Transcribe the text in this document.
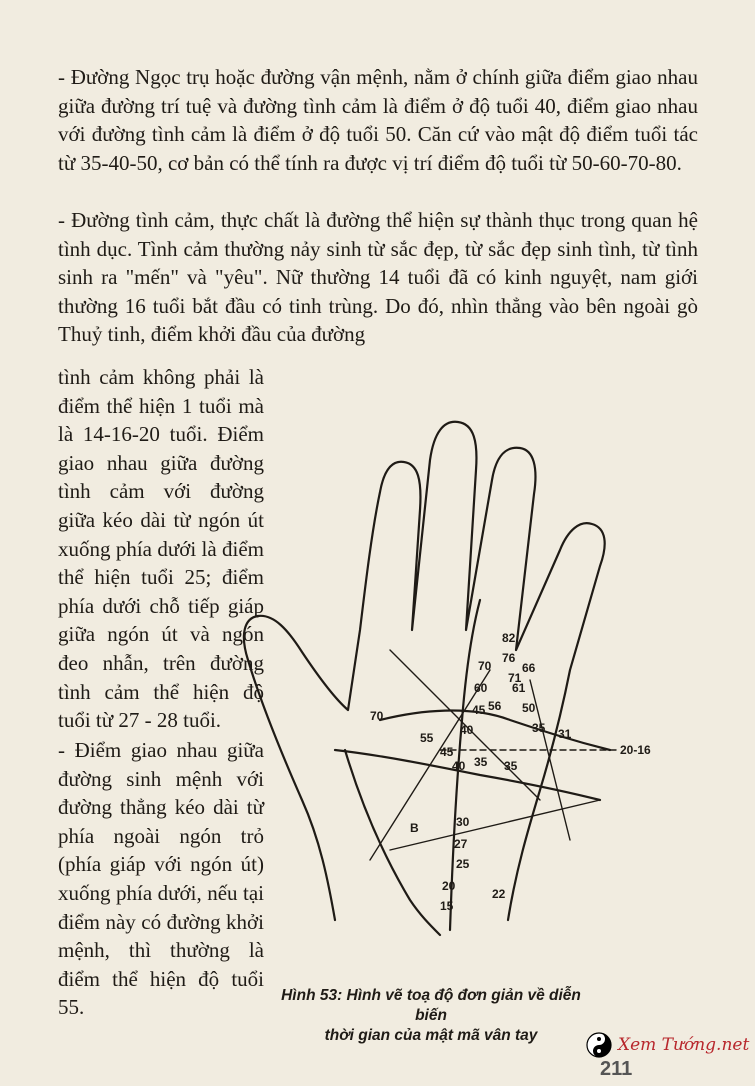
- Đường Ngọc trụ hoặc đường vận mệnh, nằm ở chính giữa điểm giao nhau giữa đường trí tuệ và đường tình cảm là điểm ở độ tuổi 40, điểm giao nhau với đường tình cảm là điểm ở độ tuổi 50. Căn cứ vào mật độ điểm tuổi tác từ 35-40-50, cơ bản có thể tính ra được vị trí điểm độ tuổi từ 50-60-70-80.
- Đường tình cảm, thực chất là đường thể hiện sự thành thục trong quan hệ tình dục. Tình cảm thường nảy sinh từ sắc đẹp, từ sắc đẹp sinh tình, từ tình sinh ra "mến" và "yêu". Nữ thường 14 tuổi đã có kinh nguyệt, nam giới thường 16 tuổi bắt đầu có tinh trùng. Do đó, nhìn thẳng vào bên ngoài gò Thuỷ tinh, điểm khởi đầu của đường
tình cảm không phải là điểm thể hiện 1 tuổi mà là 14-16-20 tuổi. Điểm giao nhau giữa đường tình cảm với đường giữa kéo dài từ ngón út xuống phía dưới là điểm thể hiện tuổi 25; điểm phía dưới chỗ tiếp giáp giữa ngón út và ngón đeo nhẫn, trên đường tình cảm thể hiện độ tuổi từ 27 - 28 tuổi.
- Điểm giao nhau giữa đường sinh mệnh với đường thẳng kéo dài từ phía ngoài ngón trỏ (phía giáp với ngón út) xuống phía dưới, nếu tại điểm này có đường khởi mệnh, thì thường là điểm thể hiện độ tuổi 55.
82
76
71
70	66
61
60
56 50
45
40	35
70
55
45
35
40	35
31
30
27
25
22
20
15
B
20-16
Hình 53: Hình vẽ toạ độ đơn giản về diễn biến
thời gian của mật mã vân tay	Xem Tướng.net
211
